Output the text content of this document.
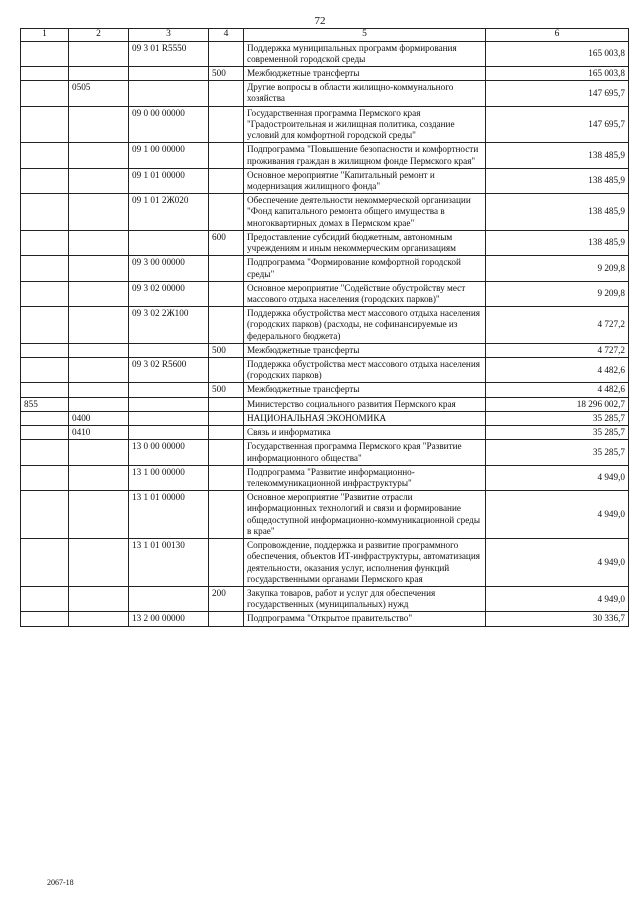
72
1	2	3	4	5	6
		09 3 01 R5550		Поддержка муниципальных программ формирования современной городской среды	165 003,8
			500	Межбюджетные трансферты	165 003,8
	0505			Другие вопросы в области жилищно-коммунального хозяйства	147 695,7
		09 0 00 00000		Государственная программа Пермского края "Градостроительная и жилищная политика, создание условий для комфортной городской среды"	147 695,7
		09 1 00 00000		Подпрограмма "Повышение безопасности и комфортности проживания граждан в жилищном фонде Пермского края"	138 485,9
		09 1 01 00000		Основное мероприятие "Капитальный ремонт и модернизация жилищного фонда"	138 485,9
		09 1 01 2Ж020		Обеспечение деятельности некоммерческой организации "Фонд капитального ремонта общего имущества в многоквартирных домах в Пермском крае"	138 485,9
			600	Предоставление субсидий бюджетным, автономным учреждениям и иным некоммерческим организациям	138 485,9
		09 3 00 00000		Подпрограмма "Формирование комфортной городской среды"	9 209,8
		09 3 02 00000		Основное мероприятие "Содействие обустройству мест массового отдыха населения (городских парков)"	9 209,8
		09 3 02 2Ж100		Поддержка обустройства мест массового отдыха населения (городских парков) (расходы, не софинансируемые из федерального бюджета)	4 727,2
			500	Межбюджетные трансферты	4 727,2
		09 3 02 R5600		Поддержка обустройства мест массового отдыха населения (городских парков)	4 482,6
			500	Межбюджетные трансферты	4 482,6
855				Министерство социального развития Пермского края	18 296 002,7
	0400			НАЦИОНАЛЬНАЯ ЭКОНОМИКА	35 285,7
	0410			Связь и информатика	35 285,7
		13 0 00 00000		Государственная программа Пермского края "Развитие информационного общества"	35 285,7
		13 1 00 00000		Подпрограмма "Развитие информационно-телекоммуникационной инфраструктуры"	4 949,0
		13 1 01 00000		Основное мероприятие "Развитие отрасли информационных технологий и связи и формирование общедоступной информационно-коммуникационной среды в крае"	4 949,0
		13 1 01 00130		Сопровождение, поддержка и развитие программного обеспечения, объектов ИТ-инфраструктуры, автоматизация деятельности, оказания услуг, исполнения функций государственными органами Пермского края	4 949,0
			200	Закупка товаров, работ и услуг для обеспечения государственных (муниципальных) нужд	4 949,0
		13 2 00 00000		Подпрограмма "Открытое правительство"	30 336,7
2067-18
